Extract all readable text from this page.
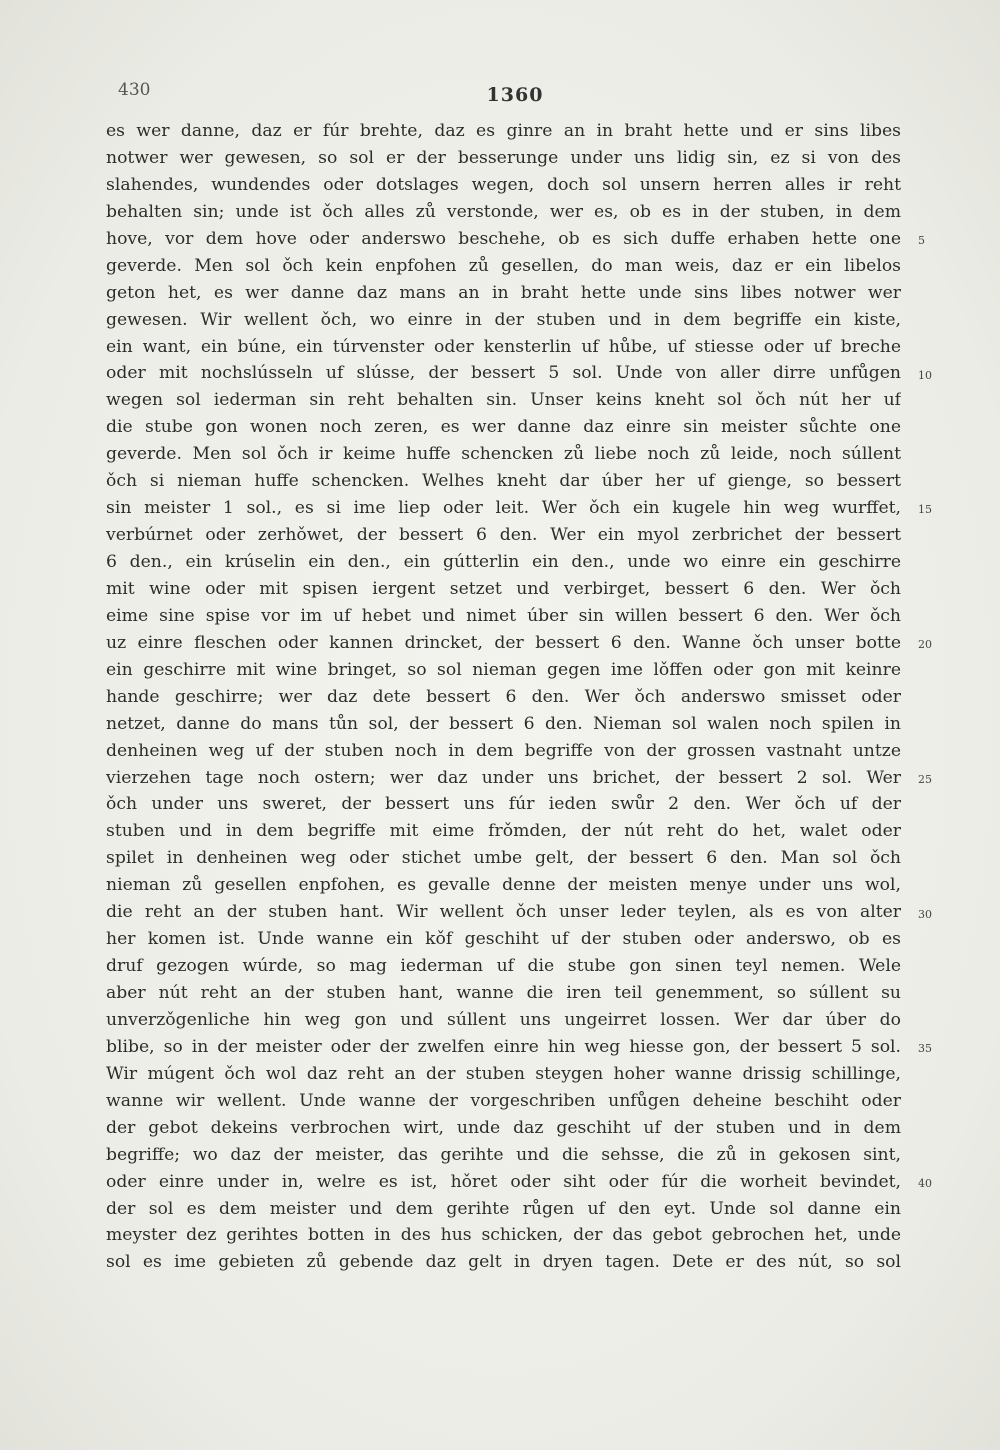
430	1360
es wer danne, daz er fúr brehte, daz es ginre an in braht hette und er sins libes
notwer wer gewesen, so sol er der besserunge under uns lidig sin, ez si von des
slahendes, wundendes oder dotslages wegen, doch sol unsern herren alles ir reht
behalten sin; unde ist ǒch alles zů verstonde, wer es, ob es in der stuben, in dem
hove, vor dem hove oder anderswo beschehe, ob es sich duffe erhaben hette one
geverde. Men sol ǒch kein enpfohen zů gesellen, do man weis, daz er ein libelos
geton het, es wer danne daz mans an in braht hette unde sins libes notwer wer
gewesen. Wir wellent ǒch, wo einre in der stuben und in dem begriffe ein kiste,
ein want, ein búne, ein túrvenster oder kensterlin uf hůbe, uf stiesse oder uf breche
oder mit nochslússeln uf slússe, der bessert 5 sol. Unde von aller dirre unfůgen
wegen sol iederman sin reht behalten sin. Unser keins kneht sol ǒch nút her uf
die stube gon wonen noch zeren, es wer danne daz einre sin meister sůchte one
geverde. Men sol ǒch ir keime huffe schencken zů liebe noch zů leide, noch súllent
ǒch si nieman huffe schencken. Welhes kneht dar úber her uf gienge, so bessert
sin meister 1 sol., es si ime liep oder leit. Wer ǒch ein kugele hin weg wurffet,
verbúrnet oder zerhǒwet, der bessert 6 den. Wer ein myol zerbrichet der bessert
6 den., ein krúselin ein den., ein gútterlin ein den., unde wo einre ein geschirre
mit wine oder mit spisen iergent setzet und verbirget, bessert 6 den. Wer ǒch
eime sine spise vor im uf hebet und nimet úber sin willen bessert 6 den. Wer ǒch
uz einre fleschen oder kannen drincket, der bessert 6 den. Wanne ǒch unser botte
ein geschirre mit wine bringet, so sol nieman gegen ime lǒffen oder gon mit keinre
hande geschirre; wer daz dete bessert 6 den. Wer ǒch anderswo smisset oder
netzet, danne do mans tůn sol, der bessert 6 den. Nieman sol walen noch spilen in
denheinen weg uf der stuben noch in dem begriffe von der grossen vastnaht untze
vierzehen tage noch ostern; wer daz under uns brichet, der bessert 2 sol. Wer
ǒch under uns sweret, der bessert uns fúr ieden swůr 2 den. Wer ǒch uf der
stuben und in dem begriffe mit eime frǒmden, der nút reht do het, walet oder
spilet in denheinen weg oder stichet umbe gelt, der bessert 6 den. Man sol ǒch
nieman zů gesellen enpfohen, es gevalle denne der meisten menye under uns wol,
die reht an der stuben hant. Wir wellent ǒch unser leder teylen, als es von alter
her komen ist. Unde wanne ein kǒf geschiht uf der stuben oder anderswo, ob es
druf gezogen wúrde, so mag iederman uf die stube gon sinen teyl nemen. Wele
aber nút reht an der stuben hant, wanne die iren teil genemment, so súllent su
unverzǒgenliche hin weg gon und súllent uns ungeirret lossen. Wer dar úber do
blibe, so in der meister oder der zwelfen einre hin weg hiesse gon, der bessert 5 sol.
Wir múgent ǒch wol daz reht an der stuben steygen hoher wanne drissig schillinge,
wanne wir wellent. Unde wanne der vorgeschriben unfůgen deheine beschiht oder
der gebot dekeins verbrochen wirt, unde daz geschiht uf der stuben und in dem
begriffe; wo daz der meister, das gerihte und die sehsse, die zů in gekosen sint,
oder einre under in, welre es ist, hǒret oder siht oder fúr die worheit bevindet,
der sol es dem meister und dem gerihte růgen uf den eyt. Unde sol danne ein
meyster dez gerihtes botten in des hus schicken, der das gebot gebrochen het, unde
sol es ime gebieten zů gebende daz gelt in dryen tagen. Dete er des nút, so sol
5
10
15
20
25
30
35
40
